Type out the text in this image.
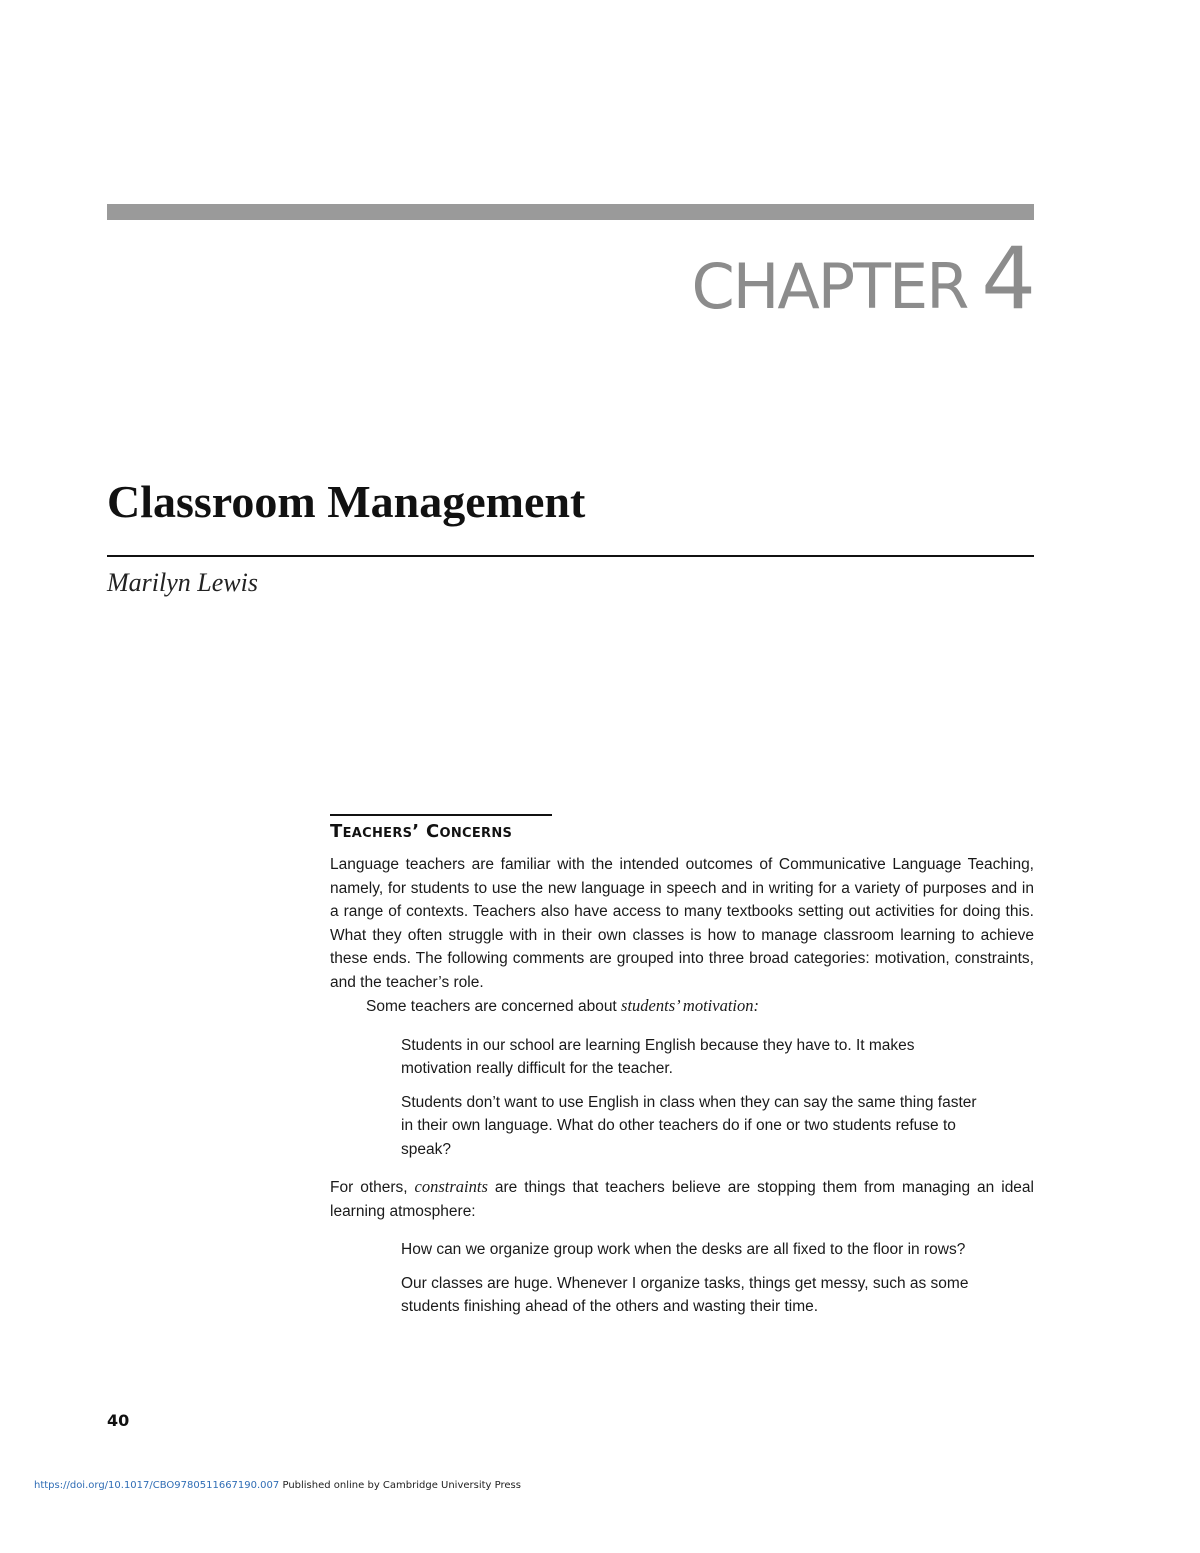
CHAPTER 4
Classroom Management
Marilyn Lewis
Teachers’ Concerns

Language teachers are familiar with the intended outcomes of Communicative Language Teaching, namely, for students to use the new language in speech and in writing for a variety of purposes and in a range of contexts. Teachers also have access to many textbooks setting out activities for doing this. What they often struggle with in their own classes is how to manage classroom learning to achieve these ends. The following comments are grouped into three broad categories: motivation, constraints, and the teacher’s role.

Some teachers are concerned about students’ motivation:

Students in our school are learning English because they have to. It makes motivation really difficult for the teacher.

Students don’t want to use English in class when they can say the same thing faster in their own language. What do other teachers do if one or two students refuse to speak?

For others, constraints are things that teachers believe are stopping them from managing an ideal learning atmosphere:

How can we organize group work when the desks are all fixed to the floor in rows?

Our classes are huge. Whenever I organize tasks, things get messy, such as some students finishing ahead of the others and wasting their time.

40
https://doi.org/10.1017/CBO9780511667190.007 Published online by Cambridge University Press
